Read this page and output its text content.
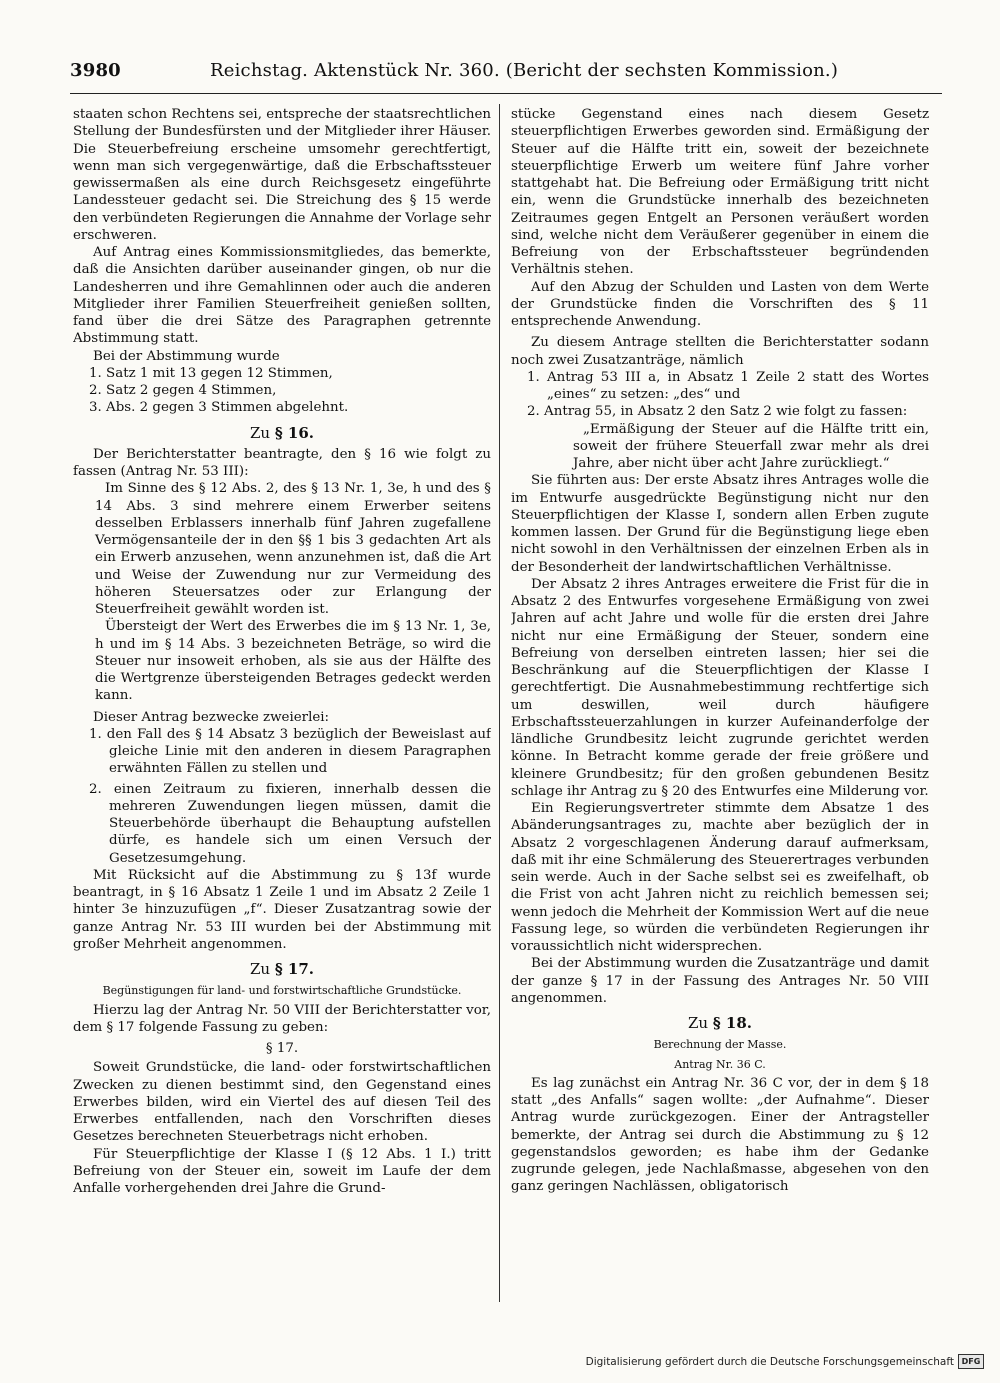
3980	Reichstag. Aktenstück Nr. 360. (Bericht der sechsten Kommission.)

staaten schon Rechtens sei, entspreche der staatsrechtlichen Stellung der Bundesfürsten und der Mitglieder ihrer Häuser. Die Steuerbefreiung erscheine umsomehr gerechtfertigt, wenn man sich vergegenwärtige, daß die Erbschaftssteuer gewissermaßen als eine durch Reichsgesetz eingeführte Landessteuer gedacht sei. Die Streichung des § 15 werde den verbündeten Regierungen die Annahme der Vorlage sehr erschweren.

Auf Antrag eines Kommissionsmitgliedes, das bemerkte, daß die Ansichten darüber auseinander gingen, ob nur die Landesherren und ihre Gemahlinnen oder auch die anderen Mitglieder ihrer Familien Steuerfreiheit genießen sollten, fand über die drei Sätze des Paragraphen getrennte Abstimmung statt.

Bei der Abstimmung wurde

1. Satz 1 mit 13 gegen 12 Stimmen,

2. Satz 2 gegen 4 Stimmen,

3. Abs. 2 gegen 3 Stimmen abgelehnt.

Zu § 16.

Der Berichterstatter beantragte, den § 16 wie folgt zu fassen (Antrag Nr. 53 III):

Im Sinne des § 12 Abs. 2, des § 13 Nr. 1, 3e, h und des § 14 Abs. 3 sind mehrere einem Erwerber seitens desselben Erblassers innerhalb fünf Jahren zugefallene Vermögensanteile der in den §§ 1 bis 3 gedachten Art als ein Erwerb anzusehen, wenn anzunehmen ist, daß die Art und Weise der Zuwendung nur zur Vermeidung des höheren Steuersatzes oder zur Erlangung der Steuerfreiheit gewählt worden ist.

Übersteigt der Wert des Erwerbes die im § 13 Nr. 1, 3e, h und im § 14 Abs. 3 bezeichneten Beträge, so wird die Steuer nur insoweit erhoben, als sie aus der Hälfte des die Wertgrenze übersteigenden Betrages gedeckt werden kann.

Dieser Antrag bezwecke zweierlei:

1. den Fall des § 14 Absatz 3 bezüglich der Beweislast auf gleiche Linie mit den anderen in diesem Paragraphen erwähnten Fällen zu stellen und

2. einen Zeitraum zu fixieren, innerhalb dessen die mehreren Zuwendungen liegen müssen, damit die Steuerbehörde überhaupt die Behauptung aufstellen dürfe, es handele sich um einen Versuch der Gesetzesumgehung.

Mit Rücksicht auf die Abstimmung zu § 13f wurde beantragt, in § 16 Absatz 1 Zeile 1 und im Absatz 2 Zeile 1 hinter 3e hinzuzufügen „f“. Dieser Zusatzantrag sowie der ganze Antrag Nr. 53 III wurden bei der Abstimmung mit großer Mehrheit angenommen.

Zu § 17.

Begünstigungen für land- und forstwirtschaftliche Grundstücke.

Hierzu lag der Antrag Nr. 50 VIII der Berichterstatter vor, dem § 17 folgende Fassung zu geben:

§ 17.

Soweit Grundstücke, die land- oder forstwirtschaftlichen Zwecken zu dienen bestimmt sind, den Gegenstand eines Erwerbes bilden, wird ein Viertel des auf diesen Teil des Erwerbes entfallenden, nach den Vorschriften dieses Gesetzes berechneten Steuerbetrags nicht erhoben.

Für Steuerpflichtige der Klasse I (§ 12 Abs. 1 I.) tritt Befreiung von der Steuer ein, soweit im Laufe der dem Anfalle vorhergehenden drei Jahre die Grund-

stücke Gegenstand eines nach diesem Gesetz steuerpflichtigen Erwerbes geworden sind. Ermäßigung der Steuer auf die Hälfte tritt ein, soweit der bezeichnete steuerpflichtige Erwerb um weitere fünf Jahre vorher stattgehabt hat. Die Befreiung oder Ermäßigung tritt nicht ein, wenn die Grundstücke innerhalb des bezeichneten Zeitraumes gegen Entgelt an Personen veräußert worden sind, welche nicht dem Veräußerer gegenüber in einem die Befreiung von der Erbschaftssteuer begründenden Verhältnis stehen.

Auf den Abzug der Schulden und Lasten von dem Werte der Grundstücke finden die Vorschriften des § 11 entsprechende Anwendung.

Zu diesem Antrage stellten die Berichterstatter sodann noch zwei Zusatzanträge, nämlich

1. Antrag 53 III a, in Absatz 1 Zeile 2 statt des Wortes „eines“ zu setzen: „des“ und

2. Antrag 55, in Absatz 2 den Satz 2 wie folgt zu fassen:

„Ermäßigung der Steuer auf die Hälfte tritt ein, soweit der frühere Steuerfall zwar mehr als drei Jahre, aber nicht über acht Jahre zurückliegt.“

Sie führten aus: Der erste Absatz ihres Antrages wolle die im Entwurfe ausgedrückte Begünstigung nicht nur den Steuerpflichtigen der Klasse I, sondern allen Erben zugute kommen lassen. Der Grund für die Begünstigung liege eben nicht sowohl in den Verhältnissen der einzelnen Erben als in der Besonderheit der landwirtschaftlichen Verhältnisse.

Der Absatz 2 ihres Antrages erweitere die Frist für die in Absatz 2 des Entwurfes vorgesehene Ermäßigung von zwei Jahren auf acht Jahre und wolle für die ersten drei Jahre nicht nur eine Ermäßigung der Steuer, sondern eine Befreiung von derselben eintreten lassen; hier sei die Beschränkung auf die Steuerpflichtigen der Klasse I gerechtfertigt. Die Ausnahmebestimmung rechtfertige sich um deswillen, weil durch häufigere Erbschaftssteuerzahlungen in kurzer Aufeinanderfolge der ländliche Grundbesitz leicht zugrunde gerichtet werden könne. In Betracht komme gerade der freie größere und kleinere Grundbesitz; für den großen gebundenen Besitz schlage ihr Antrag zu § 20 des Entwurfes eine Milderung vor.

Ein Regierungsvertreter stimmte dem Absatze 1 des Abänderungsantrages zu, machte aber bezüglich der in Absatz 2 vorgeschlagenen Änderung darauf aufmerksam, daß mit ihr eine Schmälerung des Steuerertrages verbunden sein werde. Auch in der Sache selbst sei es zweifelhaft, ob die Frist von acht Jahren nicht zu reichlich bemessen sei; wenn jedoch die Mehrheit der Kommission Wert auf die neue Fassung lege, so würden die verbündeten Regierungen ihr voraussichtlich nicht widersprechen.

Bei der Abstimmung wurden die Zusatzanträge und damit der ganze § 17 in der Fassung des Antrages Nr. 50 VIII angenommen.

Zu § 18.

Berechnung der Masse.

Antrag Nr. 36 C.

Es lag zunächst ein Antrag Nr. 36 C vor, der in dem § 18 statt „des Anfalls“ sagen wollte: „der Aufnahme“. Dieser Antrag wurde zurückgezogen. Einer der Antragsteller bemerkte, der Antrag sei durch die Abstimmung zu § 12 gegenstandslos geworden; es habe ihm der Gedanke zugrunde gelegen, jede Nachlaßmasse, abgesehen von den ganz geringen Nachlässen, obligatorisch

Digitalisierung gefördert durch die Deutsche Forschungsgemeinschaft DFG
